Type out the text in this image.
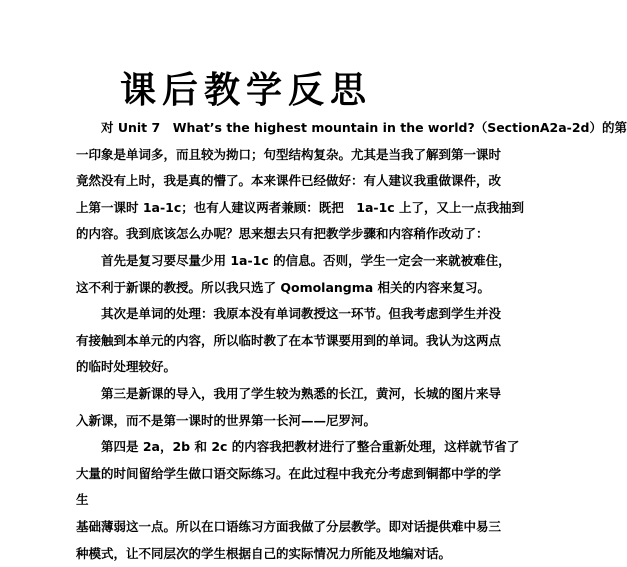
课后教学反思
对 Unit 7　What’s the highest mountain in the world?（SectionA2a-2d）的第
一印象是单词多，而且较为拗口；句型结构复杂。尤其是当我了解到第一课时
竟然没有上时，我是真的懵了。本来课件已经做好：有人建议我重做课件，改
上第一课时 1a-1c；也有人建议两者兼顾：既把　1a-1c 上了，又上一点我抽到
的内容。我到底该怎么办呢？思来想去只有把教学步骤和内容稍作改动了：
首先是复习要尽量少用 1a-1c 的信息。否则，学生一定会一来就被难住，
这不利于新课的教授。所以我只选了 Qomolangma 相关的内容来复习。
其次是单词的处理：我原本没有单词教授这一环节。但我考虑到学生并没
有接触到本单元的内容，所以临时教了在本节课要用到的单词。我认为这两点
的临时处理较好。
第三是新课的导入，我用了学生较为熟悉的长江，黄河，长城的图片来导
入新课，而不是第一课时的世界第一长河——尼罗河。
第四是 2a，2b 和 2c 的内容我把教材进行了整合重新处理，这样就节省了
大量的时间留给学生做口语交际练习。在此过程中我充分考虑到铜都中学的学
生
基础薄弱这一点。所以在口语练习方面我做了分层教学。即对话提供难中易三
种模式，让不同层次的学生根据自己的实际情况力所能及地编对话。
